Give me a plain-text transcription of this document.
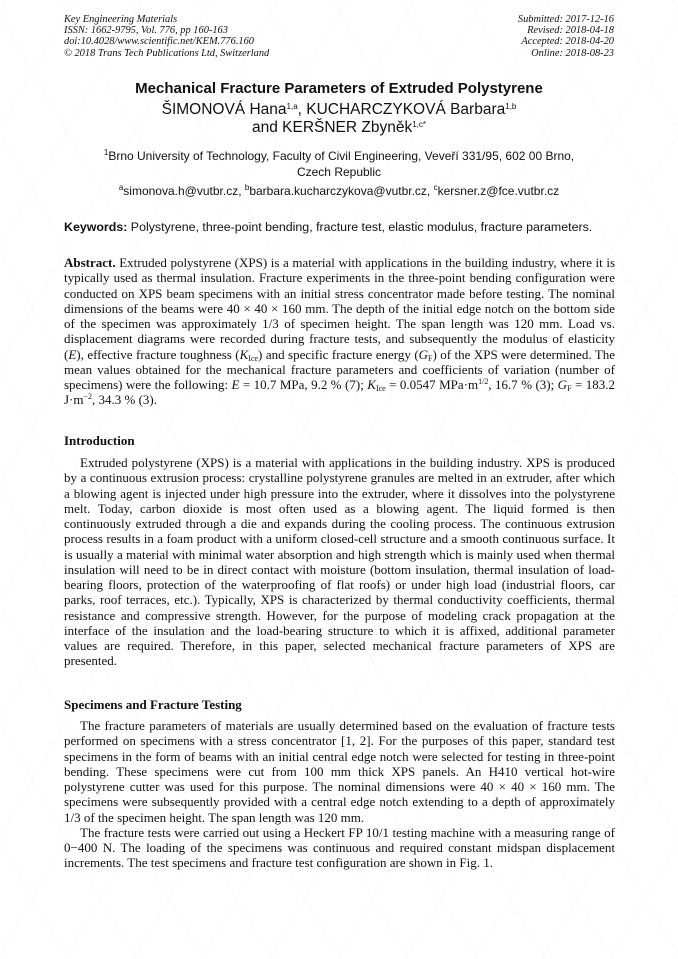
Key Engineering Materials
ISSN: 1662-9795, Vol. 776, pp 160-163
doi:10.4028/www.scientific.net/KEM.776.160
© 2018 Trans Tech Publications Ltd, Switzerland
Submitted: 2017-12-16
Revised: 2018-04-18
Accepted: 2018-04-20
Online: 2018-08-23
Mechanical Fracture Parameters of Extruded Polystyrene
ŠIMONOVÁ Hana$^{1,a}$, KUCHARCZYKOVÁ Barbara$^{1,b}$
and KERŠNER Zbyněk$^{1,c*}$
$^1$Brno University of Technology, Faculty of Civil Engineering, Veveří 331/95, 602 00 Brno,
Czech Republic
$^a$simonova.h@vutbr.cz, $^b$barbara.kucharczykova@vutbr.cz, $^c$kersner.z@fce.vutbr.cz
Keywords: Polystyrene, three-point bending, fracture test, elastic modulus, fracture parameters.

Abstract. Extruded polystyrene (XPS) is a material with applications in the building industry, where it is typically used as thermal insulation. Fracture experiments in the three-point bending configuration were conducted on XPS beam specimens with an initial stress concentrator made before testing. The nominal dimensions of the beams were 40 × 40 × 160 mm. The depth of the initial edge notch on the bottom side of the specimen was approximately 1/3 of specimen height. The span length was 120 mm. Load vs. displacement diagrams were recorded during fracture tests, and subsequently the modulus of elasticity (E), effective fracture toughness $(K_{Ice})$ and specific fracture energy $(G_F)$ of the XPS were determined. The mean values obtained for the mechanical fracture parameters and coefficients of variation (number of specimens) were the following: E = 10.7 MPa, 9.2 % (7); $K_{Ice} = 0.0547$ $MPa\cdot m^{1/2}$, 16.7 % (3); $G_F = 183.2$ $J\cdot m^{-2}$, 34.3 % (3).

Introduction

Extruded polystyrene (XPS) is a material with applications in the building industry. XPS is produced by a continuous extrusion process: crystalline polystyrene granules are melted in an extruder, after which a blowing agent is injected under high pressure into the extruder, where it dissolves into the polystyrene melt. Today, carbon dioxide is most often used as a blowing agent. The liquid formed is then continuously extruded through a die and expands during the cooling process. The continuous extrusion process results in a foam product with a uniform closed-cell structure and a smooth continuous surface. It is usually a material with minimal water absorption and high strength which is mainly used when thermal insulation will need to be in direct contact with moisture (bottom insulation, thermal insulation of load-bearing floors, protection of the waterproofing of flat roofs) or under high load (industrial floors, car parks, roof terraces, etc.). Typically, XPS is characterized by thermal conductivity coefficients, thermal resistance and compressive strength. However, for the purpose of modeling crack propagation at the interface of the insulation and the load-bearing structure to which it is affixed, additional parameter values are required. Therefore, in this paper, selected mechanical fracture parameters of XPS are presented.

Specimens and Fracture Testing

The fracture parameters of materials are usually determined based on the evaluation of fracture tests performed on specimens with a stress concentrator [1, 2]. For the purposes of this paper, standard test specimens in the form of beams with an initial central edge notch were selected for testing in three-point bending. These specimens were cut from 100 mm thick XPS panels. An H410 vertical hot-wire polystyrene cutter was used for this purpose. The nominal dimensions were 40 × 40 × 160 mm. The specimens were subsequently provided with a central edge notch extending to a depth of approximately 1/3 of the specimen height. The span length was 120 mm.

The fracture tests were carried out using a Heckert FP 10/1 testing machine with a measuring range of 0−400 N. The loading of the specimens was continuous and required constant midspan displacement increments. The test specimens and fracture test configuration are shown in Fig. 1.
